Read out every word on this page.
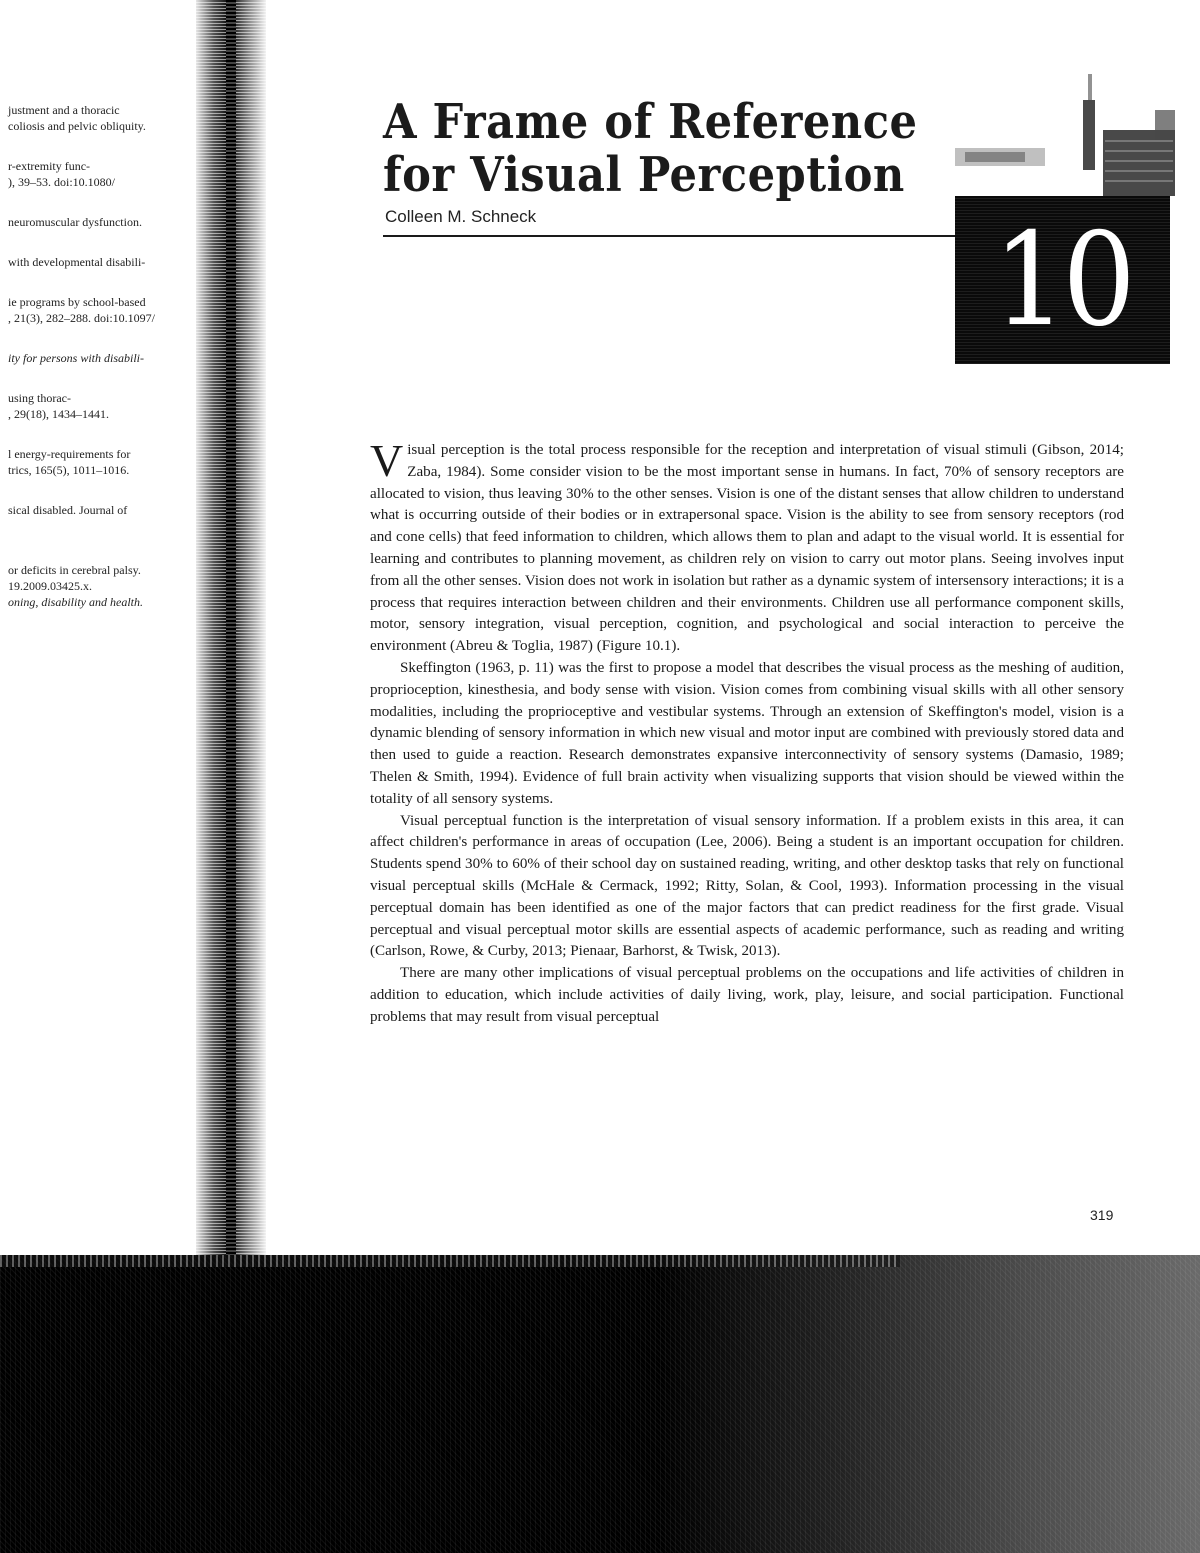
justment and a thoracic
coliosis and pelvic obliquity.
r-extremity func-
), 39–53. doi:10.1080/
neuromuscular dysfunction.
with developmental disabili-
ie programs by school-based
, 21(3), 282–288. doi:10.1097/
ity for persons with disabili-
using thorac-
, 29(18), 1434–1441.
l energy-requirements for
trics, 165(5), 1011–1016.
sical disabled. Journal of
or deficits in cerebral palsy.
19.2009.03425.x.
oning, disability and health.
A Frame of Reference
for Visual Perception
Colleen M. Schneck	10

Visual perception is the total process responsible for the reception and interpretation of visual stimuli (Gibson, 2014; Zaba, 1984). Some consider vision to be the most important sense in humans. In fact, 70% of sensory receptors are allocated to vision, thus leaving 30% to the other senses. Vision is one of the distant senses that allow children to understand what is occurring outside of their bodies or in extrapersonal space. Vision is the ability to see from sensory receptors (rod and cone cells) that feed information to children, which allows them to plan and adapt to the visual world. It is essential for learning and contributes to planning movement, as children rely on vision to carry out motor plans. Seeing involves input from all the other senses. Vision does not work in isolation but rather as a dynamic system of intersensory interactions; it is a process that requires interaction between children and their environments. Children use all performance component skills, motor, sensory integration, visual perception, cognition, and psychological and social interaction to perceive the environment (Abreu & Toglia, 1987) (Figure 10.1).

Skeffington (1963, p. 11) was the first to propose a model that describes the visual process as the meshing of audition, proprioception, kinesthesia, and body sense with vision. Vision comes from combining visual skills with all other sensory modalities, including the proprioceptive and vestibular systems. Through an extension of Skeffington's model, vision is a dynamic blending of sensory information in which new visual and motor input are combined with previously stored data and then used to guide a reaction. Research demonstrates expansive interconnectivity of sensory systems (Damasio, 1989; Thelen & Smith, 1994). Evidence of full brain activity when visualizing supports that vision should be viewed within the totality of all sensory systems.

Visual perceptual function is the interpretation of visual sensory information. If a problem exists in this area, it can affect children's performance in areas of occupation (Lee, 2006). Being a student is an important occupation for children. Students spend 30% to 60% of their school day on sustained reading, writing, and other desktop tasks that rely on functional visual perceptual skills (McHale & Cermack, 1992; Ritty, Solan, & Cool, 1993). Information processing in the visual perceptual domain has been identified as one of the major factors that can predict readiness for the first grade. Visual perceptual and visual perceptual motor skills are essential aspects of academic performance, such as reading and writing (Carlson, Rowe, & Curby, 2013; Pienaar, Barhorst, & Twisk, 2013).

There are many other implications of visual perceptual problems on the occupations and life activities of children in addition to education, which include activities of daily living, work, play, leisure, and social participation. Functional problems that may result from visual perceptual

319
